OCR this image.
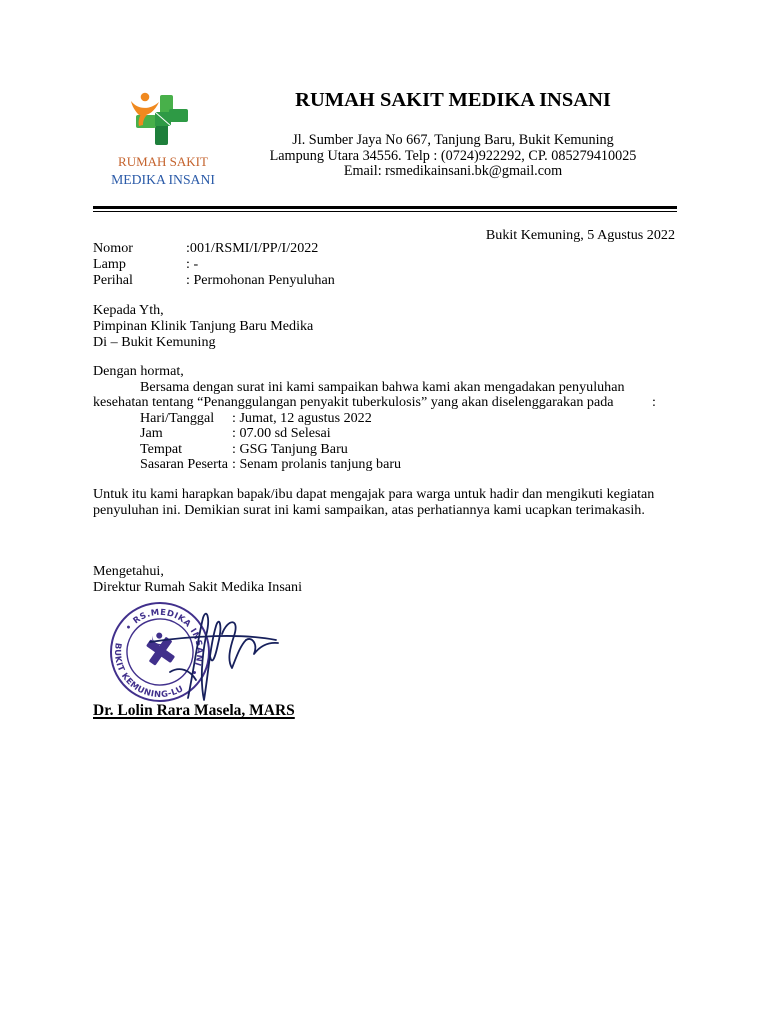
RUMAH SAKIT
MEDIKA INSANI
RUMAH SAKIT MEDIKA INSANI
Jl. Sumber Jaya No 667, Tanjung Baru, Bukit Kemuning
Lampung Utara 34556. Telp : (0724)922292, CP. 085279410025
Email: rsmedikainsani.bk@gmail.com
Bukit Kemuning, 5 Agustus 2022
Nomor	:001/RSMI/I/PP/I/2022
Lamp	: -
Perihal	: Permohonan Penyuluhan
Kepada Yth,
Pimpinan Klinik Tanjung Baru Medika
Di – Bukit Kemuning
Dengan hormat,
Bersama dengan surat ini kami sampaikan bahwa kami akan mengadakan penyuluhan
kesehatan tentang “Penanggulangan penyakit tuberkulosis” yang akan diselenggarakan pada	:
Hari/Tanggal : Jumat, 12 agustus 2022
Jam	: 07.00 sd Selesai
Tempat	: GSG Tanjung Baru
Sasaran Peserta : Senam prolanis tanjung baru
Untuk itu kami harapkan bapak/ibu dapat mengajak para warga untuk hadir dan mengikuti kegiatan
penyuluhan ini. Demikian surat ini kami sampaikan, atas perhatiannya kami ucapkan terimakasih.
Mengetahui,
Direktur Rumah Sakit Medika Insani
• RS.MEDIKA INSANI •
BUKIT KEMUNING-LU
Dr. Lolin Rara Masela, MARS
